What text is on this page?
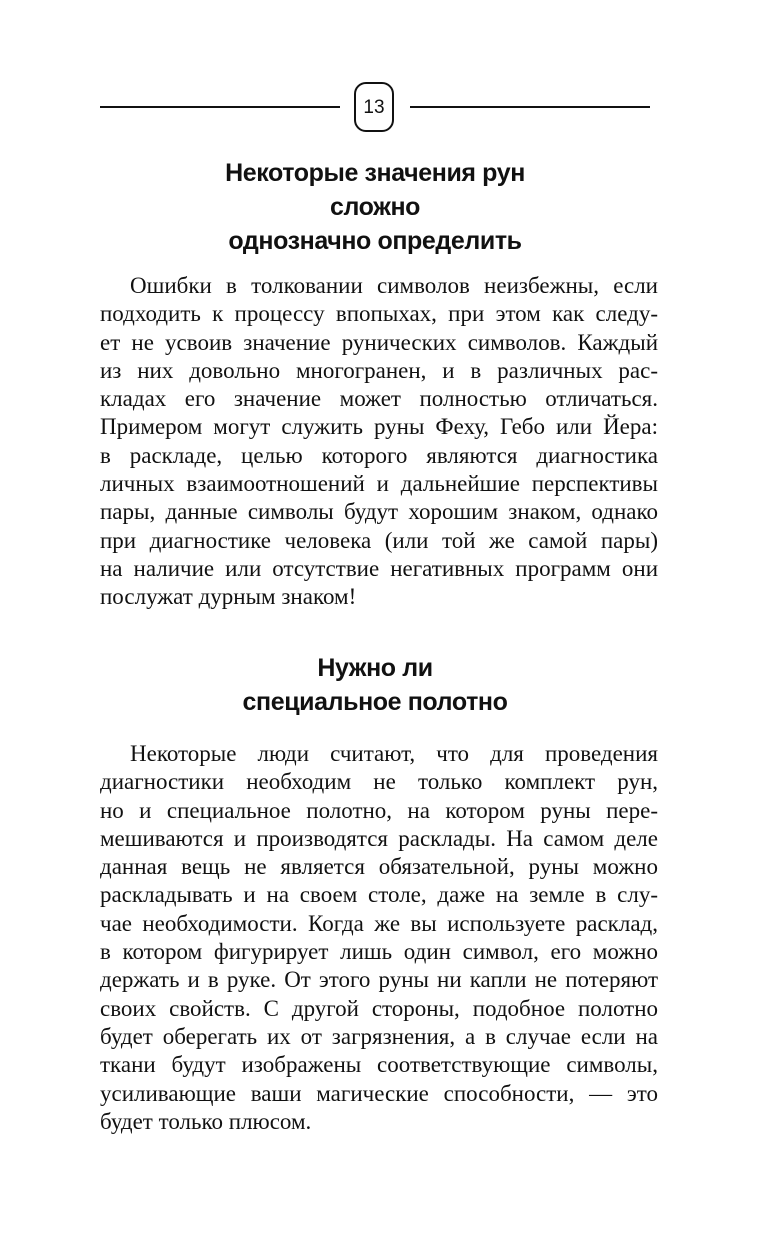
13
Некоторые значения рун
сложно
однозначно определить
Ошибки в толковании символов неизбежны, если
подходить к процессу впопыхах, при этом как следу-
ет не усвоив значение рунических символов. Каждый
из них довольно многогранен, и в различных рас-
кладах его значение может полностью отличаться.
Примером могут служить руны Феху, Гебо или Йера:
в раскладе, целью которого являются диагностика
личных взаимоотношений и дальнейшие перспективы
пары, данные символы будут хорошим знаком, однако
при диагностике человека (или той же самой пары)
на наличие или отсутствие негативных программ они
послужат дурным знаком!
Нужно ли
специальное полотно
Некоторые люди считают, что для проведения
диагностики необходим не только комплект рун,
но и специальное полотно, на котором руны пере-
мешиваются и производятся расклады. На самом деле
данная вещь не является обязательной, руны можно
раскладывать и на своем столе, даже на земле в слу-
чае необходимости. Когда же вы используете расклад,
в котором фигурирует лишь один символ, его можно
держать и в руке. От этого руны ни капли не потеряют
своих свойств. С другой стороны, подобное полотно
будет оберегать их от загрязнения, а в случае если на
ткани будут изображены соответствующие символы,
усиливающие ваши магические способности, — это
будет только плюсом.
